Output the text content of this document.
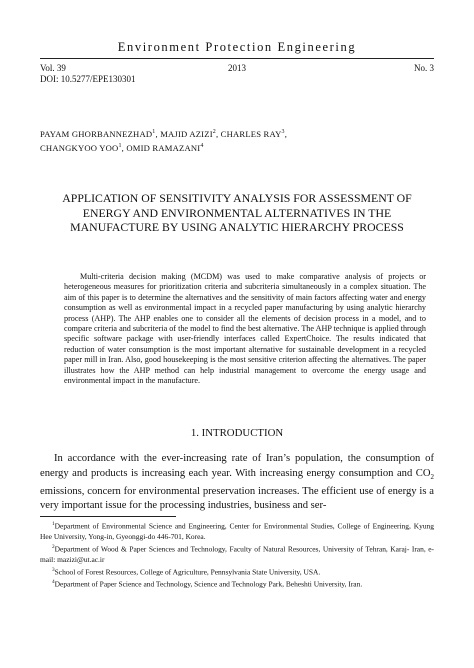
Environment Protection Engineering
Vol. 39	2013	No. 3
DOI: 10.5277/EPE130301
PAYAM GHORBANNEZHAD$^1$, MAJID AZIZI$^2$, CHARLES RAY$^3$,
CHANGKYOO YOO$^1$, OMID RAMAZANI$^4$
APPLICATION OF SENSITIVITY ANALYSIS FOR ASSESSMENT OF ENERGY AND ENVIRONMENTAL ALTERNATIVES IN THE MANUFACTURE BY USING ANALYTIC HIERARCHY PROCESS

Multi-criteria decision making (MCDM) was used to make comparative analysis of projects or heterogeneous measures for prioritization criteria and subcriteria simultaneously in a complex situation. The aim of this paper is to determine the alternatives and the sensitivity of main factors affecting water and energy consumption as well as environmental impact in a recycled paper manufacturing by using analytic hierarchy process (AHP). The AHP enables one to consider all the elements of decision process in a model, and to compare criteria and subcriteria of the model to find the best alternative. The AHP technique is applied through specific software package with user-friendly interfaces called ExpertChoice. The results indicated that reduction of water consumption is the most important alternative for sustainable development in a recycled paper mill in Iran. Also, good housekeeping is the most sensitive criterion affecting the alternatives. The paper illustrates how the AHP method can help industrial management to overcome the energy usage and environmental impact in the manufacture.

1. INTRODUCTION

In accordance with the ever-increasing rate of Iran’s population, the consumption of energy and products is increasing each year. With increasing energy consumption and $CO_2$ emissions, concern for environmental preservation increases. The efficient use of energy is a very important issue for the processing industries, business and ser-

$^1$Department of Environmental Science and Engineering, Center for Environmental Studies, College of Engineering, Kyung Hee University, Yong-in, Gyeonggi-do 446-701, Korea.

$^2$Department of Wood & Paper Sciences and Technology, Faculty of Natural Resources, University of Tehran, Karaj- Iran, e-mail: mazizi@ut.ac.ir

$^3$School of Forest Resources, College of Agriculture, Pennsylvania State University, USA.

$^4$Department of Paper Science and Technology, Science and Technology Park, Beheshti University, Iran.
